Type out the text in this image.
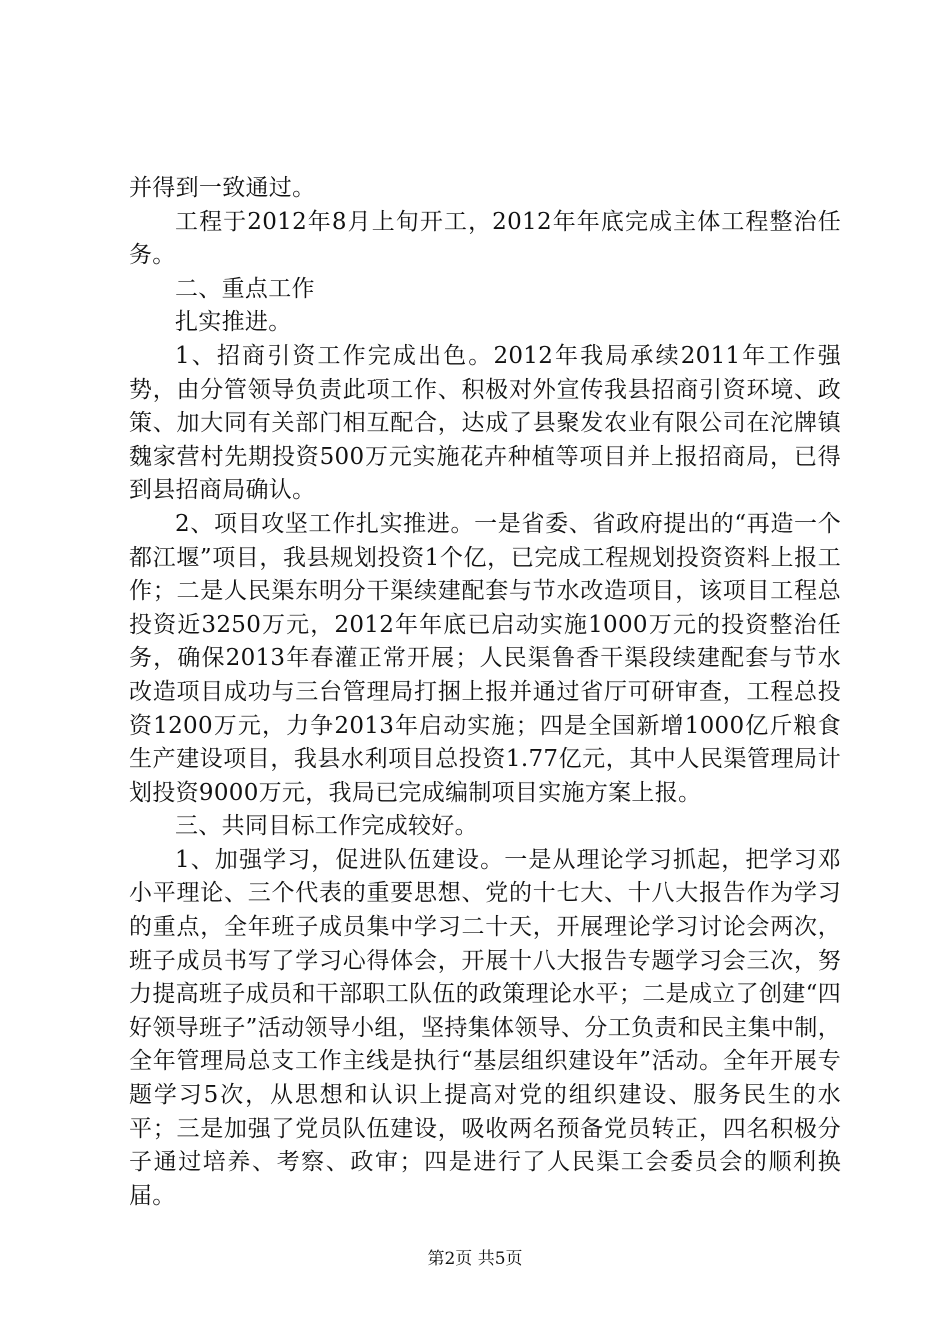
并得到一致通过。

工程于2012年8月上旬开工，2012年年底完成主体工程整治任务。

二、重点工作

扎实推进。

1、招商引资工作完成出色。2012年我局承续2011年工作强势，由分管领导负责此项工作、积极对外宣传我县招商引资环境、政策、加大同有关部门相互配合，达成了县聚发农业有限公司在沱牌镇魏家营村先期投资500万元实施花卉种植等项目并上报招商局，已得到县招商局确认。

2、项目攻坚工作扎实推进。一是省委、省政府提出的“再造一个都江堰”项目，我县规划投资1个亿，已完成工程规划投资资料上报工作；二是人民渠东明分干渠续建配套与节水改造项目，该项目工程总投资近3250万元，2012年年底已启动实施1000万元的投资整治任务，确保2013年春灌正常开展；人民渠鲁香干渠段续建配套与节水改造项目成功与三台管理局打捆上报并通过省厅可研审查，工程总投资1200万元，力争2013年启动实施；四是全国新增1000亿斤粮食生产建设项目，我县水利项目总投资1.77亿元，其中人民渠管理局计划投资9000万元，我局已完成编制项目实施方案上报。

三、共同目标工作完成较好。

1、加强学习，促进队伍建设。一是从理论学习抓起，把学习邓小平理论、三个代表的重要思想、党的十七大、十八大报告作为学习的重点，全年班子成员集中学习二十天，开展理论学习讨论会两次，班子成员书写了学习心得体会，开展十八大报告专题学习会三次，努力提高班子成员和干部职工队伍的政策理论水平；二是成立了创建“四好领导班子”活动领导小组，坚持集体领导、分工负责和民主集中制，全年管理局总支工作主线是执行“基层组织建设年”活动。全年开展专题学习5次，从思想和认识上提高对党的组织建设、服务民生的水平；三是加强了党员队伍建设，吸收两名预备党员转正，四名积极分子通过培养、考察、政审；四是进行了人民渠工会委员会的顺利换届。

第2页 共5页
